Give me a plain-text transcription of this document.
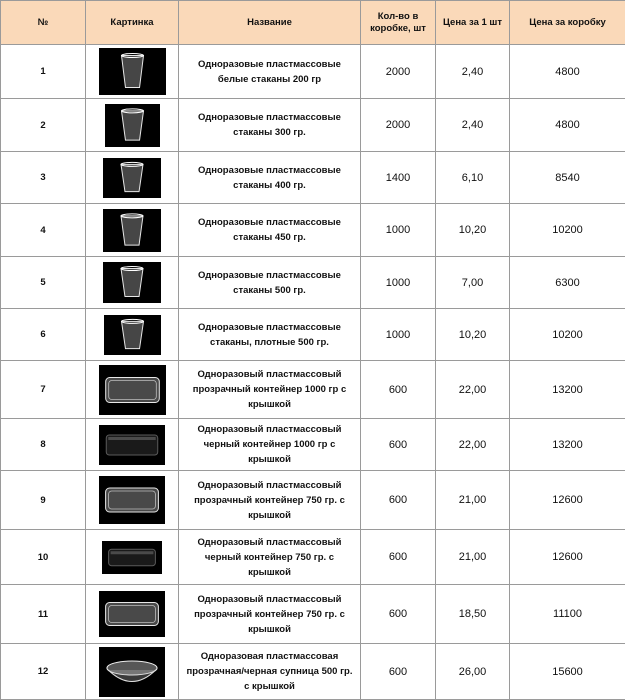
№	Картинка	Название	Кол-во в коробке, шт	Цена за 1 шт	Цена за коробку
1		Одноразовые пластмассовые белые стаканы 200 гр	2000	2,40	4800
2		Одноразовые пластмассовые стаканы 300 гр.	2000	2,40	4800
3		Одноразовые пластмассовые стаканы 400 гр.	1400	6,10	8540
4		Одноразовые пластмассовые стаканы 450 гр.	1000	10,20	10200
5		Одноразовые пластмассовые стаканы 500 гр.	1000	7,00	6300
6		Одноразовые пластмассовые стаканы, плотные 500 гр.	1000	10,20	10200
7		Одноразовый пластмассовый прозрачный контейнер 1000 гр с крышкой	600	22,00	13200
8		Одноразовый пластмассовый черный контейнер 1000 гр с крышкой	600	22,00	13200
9		Одноразовый пластмассовый прозрачный контейнер 750 гр. с крышкой	600	21,00	12600
10		Одноразовый пластмассовый черный контейнер 750 гр. с крышкой	600	21,00	12600
11		Одноразовый пластмассовый прозрачный контейнер 750 гр. с крышкой	600	18,50	11100
12		Одноразовая пластмассовая прозрачная/черная супница 500 гр. с крышкой	600	26,00	15600
